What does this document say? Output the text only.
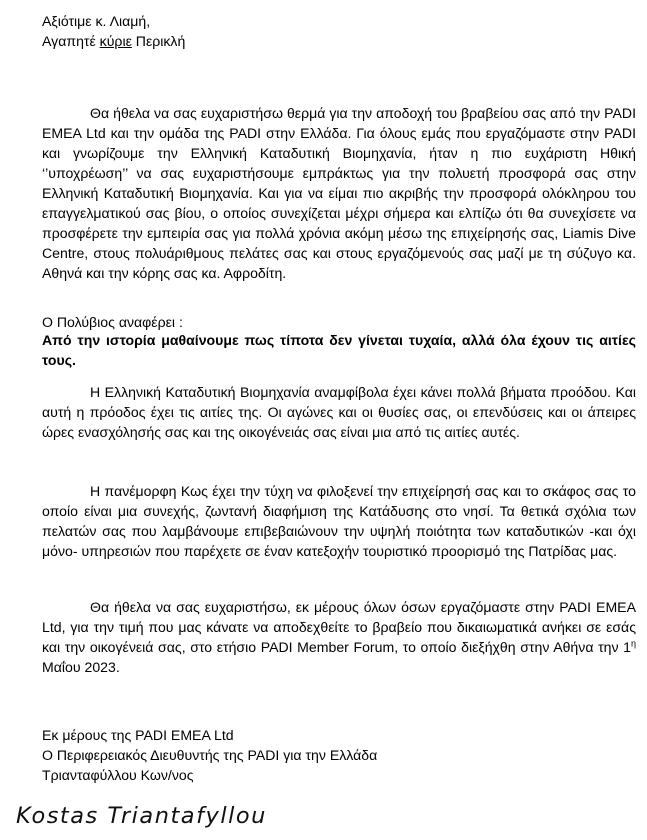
Αξιότιμε κ. Λιαμή,
Αγαπητέ κύριε Περικλή

Θα ήθελα να σας ευχαριστήσω θερμά για την αποδοχή του βραβείου σας από την PADI EMEA Ltd και την ομάδα της PADI στην Ελλάδα. Για όλους εμάς που εργαζόμαστε στην PADI και γνωρίζουμε την Ελληνική Καταδυτική Βιομηχανία, ήταν η πιο ευχάριστη Ηθική ‘’υποχρέωση’’ να σας ευχαριστήσουμε εμπράκτως για την πολυετή προσφορά σας στην Ελληνική Καταδυτική Βιομηχανία. Και για να είμαι πιο ακριβής την προσφορά ολόκληρου του επαγγελματικού σας βίου, ο οποίος συνεχίζεται μέχρι σήμερα και ελπίζω ότι θα συνεχίσετε να προσφέρετε την εμπειρία σας για πολλά χρόνια ακόμη μέσω της επιχείρησής σας, Liamis Dive Centre, στους πολυάριθμους πελάτες σας και στους εργαζόμενούς σας μαζί με τη σύζυγο κα. Αθηνά και την κόρης σας κα. Αφροδίτη.

Ο Πολύβιος αναφέρει :

Από την ιστορία μαθαίνουμε πως τίποτα δεν γίνεται τυχαία, αλλά όλα έχουν τις αιτίες τους.

Η Ελληνική Καταδυτική Βιομηχανία αναμφίβολα έχει κάνει πολλά βήματα προόδου. Και αυτή η πρόοδος έχει τις αιτίες της. Οι αγώνες και οι θυσίες σας, οι επενδύσεις και οι άπειρες ώρες ενασχόλησής σας και της οικογένειάς σας είναι μια από τις αιτίες αυτές.

Η πανέμορφη Κως έχει την τύχη να φιλοξενεί την επιχείρησή σας και το σκάφος σας το οποίο είναι μια συνεχής, ζωντανή διαφήμιση της Κατάδυσης στο νησί. Τα θετικά σχόλια των πελατών σας που λαμβάνουμε επιβεβαιώνουν την υψηλή ποιότητα των καταδυτικών -και όχι μόνο- υπηρεσιών που παρέχετε σε έναν κατεξοχήν τουριστικό προορισμό της Πατρίδας μας.

Θα ήθελα να σας ευχαριστήσω, εκ μέρους όλων όσων εργαζόμαστε στην PADI EMEA Ltd, για την τιμή που μας κάνατε να αποδεχθείτε το βραβείο που δικαιωματικά ανήκει σε εσάς και την οικογένειά σας, στο ετήσιο PADI Member Forum, το οποίο διεξήχθη στην Αθήνα την $1^\eta$ Μαΐου 2023.

Εκ μέρους της PADI EMEA Ltd
Ο Περιφερειακός Διευθυντής της PADI για την Ελλάδα
Τριανταφύλλου Κων/νος
Kostas Triantafyllou
